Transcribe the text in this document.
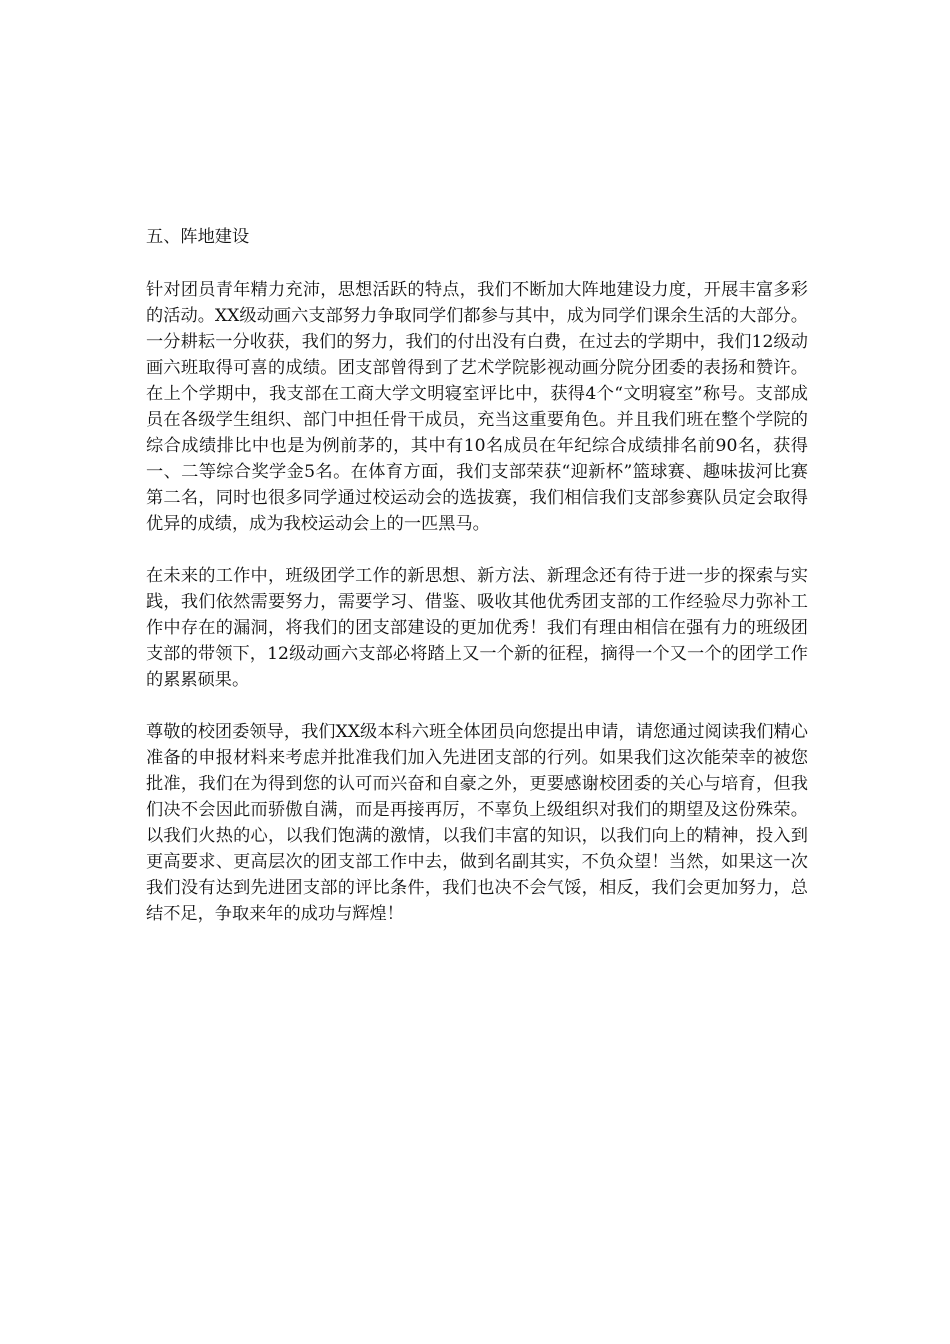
五、阵地建设

针对团员青年精力充沛，思想活跃的特点，我们不断加大阵地建设力度，开展丰富多彩的活动。XX级动画六支部努力争取同学们都参与其中，成为同学们课余生活的大部分。一分耕耘一分收获，我们的努力，我们的付出没有白费，在过去的学期中，我们12级动画六班取得可喜的成绩。团支部曾得到了艺术学院影视动画分院分团委的表扬和赞许。在上个学期中，我支部在工商大学文明寝室评比中，获得4个“文明寝室”称号。支部成员在各级学生组织、部门中担任骨干成员，充当这重要角色。并且我们班在整个学院的综合成绩排比中也是为例前茅的，其中有10名成员在年纪综合成绩排名前90名，获得一、二等综合奖学金5名。在体育方面，我们支部荣获“迎新杯”篮球赛、趣味拔河比赛第二名，同时也很多同学通过校运动会的选拔赛，我们相信我们支部参赛队员定会取得优异的成绩，成为我校运动会上的一匹黑马。

在未来的工作中，班级团学工作的新思想、新方法、新理念还有待于进一步的探索与实践，我们依然需要努力，需要学习、借鉴、吸收其他优秀团支部的工作经验尽力弥补工作中存在的漏洞，将我们的团支部建设的更加优秀！我们有理由相信在强有力的班级团支部的带领下，12级动画六支部必将踏上又一个新的征程，摘得一个又一个的团学工作的累累硕果。

尊敬的校团委领导，我们XX级本科六班全体团员向您提出申请，请您通过阅读我们精心准备的申报材料来考虑并批准我们加入先进团支部的行列。如果我们这次能荣幸的被您批准，我们在为得到您的认可而兴奋和自豪之外，更要感谢校团委的关心与培育，但我们决不会因此而骄傲自满，而是再接再厉，不辜负上级组织对我们的期望及这份殊荣。以我们火热的心，以我们饱满的激情，以我们丰富的知识，以我们向上的精神，投入到更高要求、更高层次的团支部工作中去，做到名副其实，不负众望！当然，如果这一次我们没有达到先进团支部的评比条件，我们也决不会气馁，相反，我们会更加努力，总结不足，争取来年的成功与辉煌！
